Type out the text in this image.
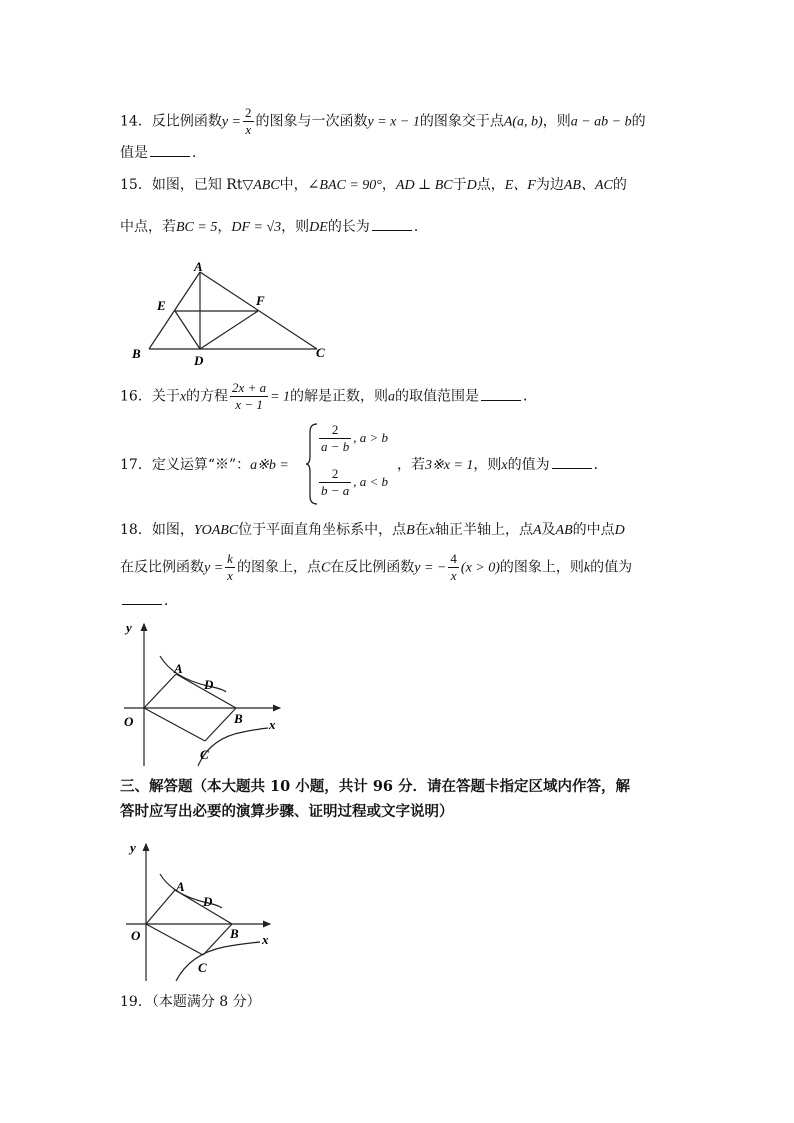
14．反比例函数$y = \frac{2}{x}$ 的图象与一次函数y = x − 1的图象交于点A(a, b)，则a − ab − b的
值是	．
15．如图，已知 Rt▽ABC中，∠BAC = 90°，AD ⊥ BC于D点，E、F为边AB、AC的
中点，若BC = 5，DF = √3，则DE的长为	．
A
E	F
B	D
C
16．关于x的方程 $\frac{2x + a}{x - 1} = 1$的解是正数，则a的取值范围是	．
17．定义运算“※”：a※b =
$\frac{2}{a - b}$ , a > b
$\frac{2}{b - a}$ , a < b
，若3※x = 1，则x的值为	．
18．如图，YOABC位于平面直角坐标系中，点B在x轴正半轴上，点A及AB的中点D
在反比例函数$y = \frac{k}{x}$ 的图象上，点C在反比例函数y = − $\frac{4}{x} (x > 0)$的图象上，则k的值为
．
y
A
D
O	B x
C
三、解答题（本大题共 10 小题，共计 96 分．请在答题卡指定区域内作答，解
答时应写出必要的演算步骤、证明过程或文字说明）
y
A
D
O	B x
C
19．（本题满分 8 分）
